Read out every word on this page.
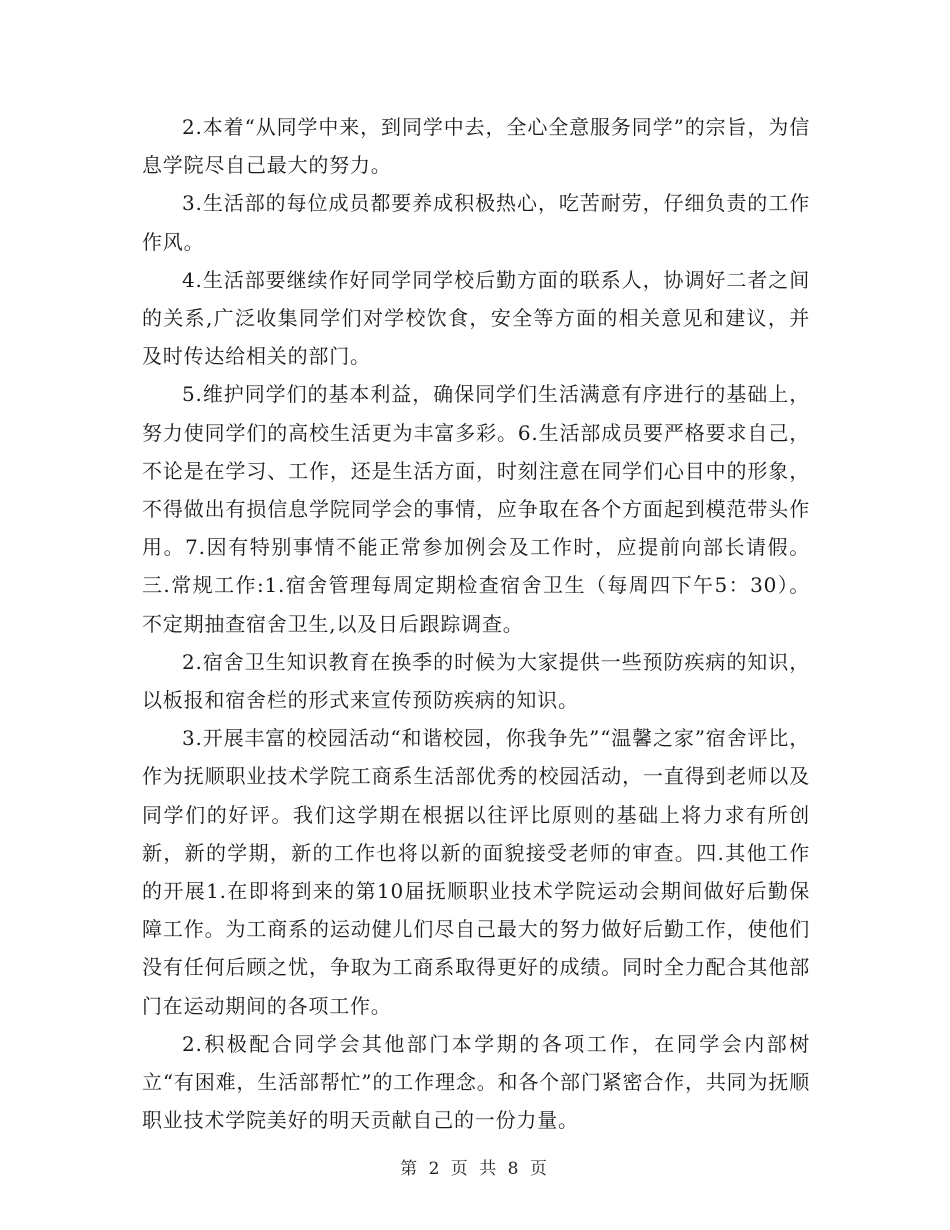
2.本着“从同学中来，到同学中去，全心全意服务同学”的宗旨，为信息学院尽自己最大的努力。

3.生活部的每位成员都要养成积极热心，吃苦耐劳，仔细负责的工作作风。

4.生活部要继续作好同学同学校后勤方面的联系人，协调好二者之间的关系,广泛收集同学们对学校饮食，安全等方面的相关意见和建议，并及时传达给相关的部门。

5.维护同学们的基本利益，确保同学们生活满意有序进行的基础上，努力使同学们的高校生活更为丰富多彩。6.生活部成员要严格要求自己，不论是在学习、工作，还是生活方面，时刻注意在同学们心目中的形象，不得做出有损信息学院同学会的事情，应争取在各个方面起到模范带头作用。7.因有特别事情不能正常参加例会及工作时，应提前向部长请假。三.常规工作:1.宿舍管理每周定期检查宿舍卫生（每周四下午5：30）。不定期抽查宿舍卫生,以及日后跟踪调查。

2.宿舍卫生知识教育在换季的时候为大家提供一些预防疾病的知识，以板报和宿舍栏的形式来宣传预防疾病的知识。

3.开展丰富的校园活动“和谐校园，你我争先”“温馨之家”宿舍评比，作为抚顺职业技术学院工商系生活部优秀的校园活动，一直得到老师以及同学们的好评。我们这学期在根据以往评比原则的基础上将力求有所创新，新的学期，新的工作也将以新的面貌接受老师的审查。四.其他工作的开展1.在即将到来的第10届抚顺职业技术学院运动会期间做好后勤保障工作。为工商系的运动健儿们尽自己最大的努力做好后勤工作，使他们没有任何后顾之忧，争取为工商系取得更好的成绩。同时全力配合其他部门在运动期间的各项工作。

2.积极配合同学会其他部门本学期的各项工作，在同学会内部树立“有困难，生活部帮忙”的工作理念。和各个部门紧密合作，共同为抚顺职业技术学院美好的明天贡献自己的一份力量。

第 2 页 共 8 页
